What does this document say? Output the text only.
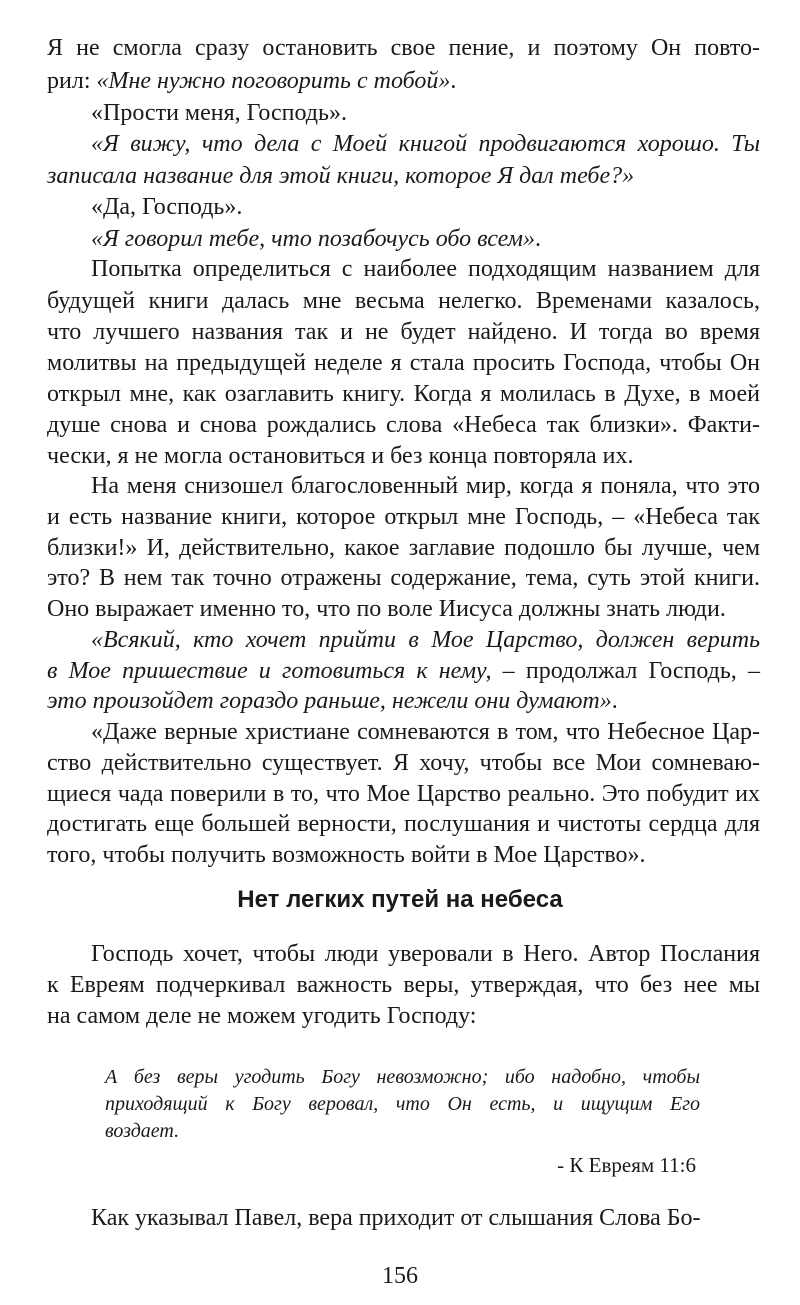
Я не смогла сразу остановить свое пение, и поэтому Он повто-
рил: «Мне нужно поговорить с тобой».
«Прости меня, Господь».
«Я вижу, что дела с Моей книгой продвигаются хорошо. Ты
записала название для этой книги, которое Я дал тебе?»
«Да, Господь».
«Я говорил тебе, что позабочусь обо всем».
Попытка определиться с наиболее подходящим названием для
будущей книги далась мне весьма нелегко. Временами казалось,
что лучшего названия так и не будет найдено. И тогда во время
молитвы на предыдущей неделе я стала просить Господа, чтобы Он
открыл мне, как озаглавить книгу. Когда я молилась в Духе, в моей
душе снова и снова рождались слова «Небеса так близки». Факти-
чески, я не могла остановиться и без конца повторяла их.
На меня снизошел благословенный мир, когда я поняла, что это
и есть название книги, которое открыл мне Господь, – «Небеса так
близки!» И, действительно, какое заглавие подошло бы лучше, чем
это? В нем так точно отражены содержание, тема, суть этой книги.
Оно выражает именно то, что по воле Иисуса должны знать люди.
«Всякий, кто хочет прийти в Мое Царство, должен верить
в Мое пришествие и готовиться к нему, – продолжал Господь, –
это произойдет гораздо раньше, нежели они думают».
«Даже верные христиане сомневаются в том, что Небесное Цар-
ство действительно существует. Я хочу, чтобы все Мои сомневаю-
щиеся чада поверили в то, что Мое Царство реально. Это побудит их
достигать еще большей верности, послушания и чистоты сердца для
того, чтобы получить возможность войти в Мое Царство».
Господь хочет, чтобы люди уверовали в Него. Автор Послания
к Евреям подчеркивал важность веры, утверждая, что без нее мы
на самом деле не можем угодить Господу:
Как указывал Павел, вера приходит от слышания Слова Бо-
Нет легких путей на небеса
А без веры угодить Богу невозможно; ибо надобно, чтобы
приходящий к Богу веровал, что Он есть, и ищущим Его
воздает.
- К Евреям 11:6
156
